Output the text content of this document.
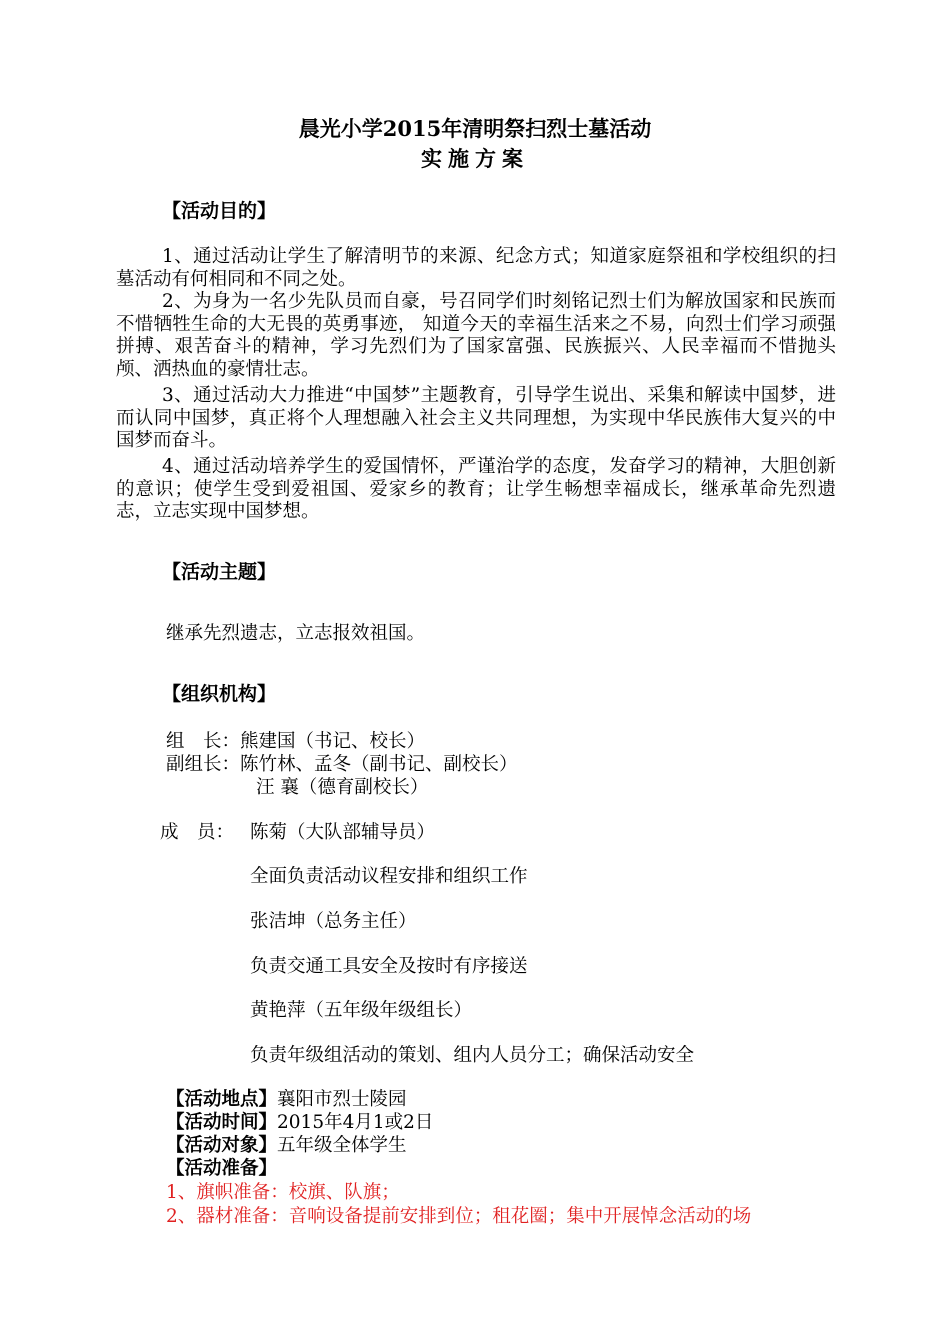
晨光小学2015年清明祭扫烈士墓活动
实施方案
【活动目的】
1、通过活动让学生了解清明节的来源、纪念方式；知道家庭祭祖和学校组织的扫墓活动有何相同和不同之处。
2、为身为一名少先队员而自豪，号召同学们时刻铭记烈士们为解放国家和民族而不惜牺牲生命的大无畏的英勇事迹， 知道今天的幸福生活来之不易，向烈士们学习顽强拼搏、艰苦奋斗的精神，学习先烈们为了国家富强、民族振兴、人民幸福而不惜抛头颅、洒热血的豪情壮志。
3、通过活动大力推进“中国梦”主题教育，引导学生说出、采集和解读中国梦，进而认同中国梦，真正将个人理想融入社会主义共同理想，为实现中华民族伟大复兴的中国梦而奋斗。
4、通过活动培养学生的爱国情怀，严谨治学的态度，发奋学习的精神，大胆创新的意识；使学生受到爱祖国、爱家乡的教育；让学生畅想幸福成长，继承革命先烈遗志，立志实现中国梦想。
【活动主题】
继承先烈遗志，立志报效祖国。
【组织机构】
组　长：熊建国（书记、校长）
副组长：陈竹林、孟冬（副书记、副校长）
汪 襄（德育副校长）
成　员： 陈菊（大队部辅导员）
全面负责活动议程安排和组织工作
张洁坤（总务主任）
负责交通工具安全及按时有序接送
黄艳萍（五年级年级组长）
负责年级组活动的策划、组内人员分工；确保活动安全
【活动地点】襄阳市烈士陵园
【活动时间】2015年4月1或2日
【活动对象】五年级全体学生
【活动准备】
1、旗帜准备：校旗、队旗；
2、器材准备：音响设备提前安排到位；租花圈；集中开展悼念活动的场
